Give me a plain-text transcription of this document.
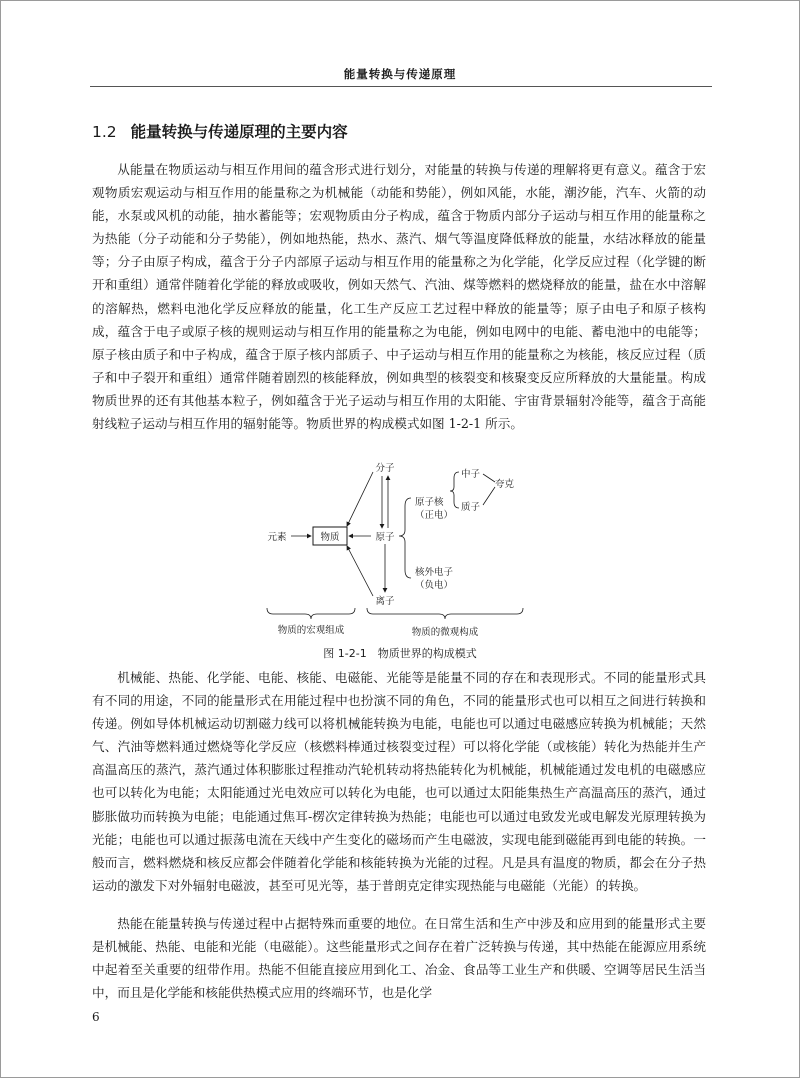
能量转换与传递原理
1.2 能量转换与传递原理的主要内容

从能量在物质运动与相互作用间的蕴含形式进行划分，对能量的转换与传递的理解将更有意义。蕴含于宏观物质宏观运动与相互作用的能量称之为机械能（动能和势能），例如风能，水能，潮汐能，汽车、火箭的动能，水泵或风机的动能，抽水蓄能等；宏观物质由分子构成，蕴含于物质内部分子运动与相互作用的能量称之为热能（分子动能和分子势能），例如地热能，热水、蒸汽、烟气等温度降低释放的能量，水结冰释放的能量等；分子由原子构成，蕴含于分子内部原子运动与相互作用的能量称之为化学能，化学反应过程（化学键的断开和重组）通常伴随着化学能的释放或吸收，例如天然气、汽油、煤等燃料的燃烧释放的能量，盐在水中溶解的溶解热，燃料电池化学反应释放的能量，化工生产反应工艺过程中释放的能量等；原子由电子和原子核构成，蕴含于电子或原子核的规则运动与相互作用的能量称之为电能，例如电网中的电能、蓄电池中的电能等；原子核由质子和中子构成，蕴含于原子核内部质子、中子运动与相互作用的能量称之为核能，核反应过程（质子和中子裂开和重组）通常伴随着剧烈的核能释放，例如典型的核裂变和核聚变反应所释放的大量能量。构成物质世界的还有其他基本粒子，例如蕴含于光子运动与相互作用的太阳能、宇宙背景辐射冷能等，蕴含于高能射线粒子运动与相互作用的辐射能等。物质世界的构成模式如图 1-2-1 所示。

物质
元素
分子
原子
离子
原子核
（正电）
中子
质子
夸克
核外电子
（负电）
物质的宏观组成	物质的微观构成
图 1-2-1　物质世界的构成模式

机械能、热能、化学能、电能、核能、电磁能、光能等是能量不同的存在和表现形式。不同的能量形式具有不同的用途，不同的能量形式在用能过程中也扮演不同的角色，不同的能量形式也可以相互之间进行转换和传递。例如导体机械运动切割磁力线可以将机械能转换为电能，电能也可以通过电磁感应转换为机械能；天然气、汽油等燃料通过燃烧等化学反应（核燃料棒通过核裂变过程）可以将化学能（或核能）转化为热能并生产高温高压的蒸汽，蒸汽通过体积膨胀过程推动汽轮机转动将热能转化为机械能，机械能通过发电机的电磁感应也可以转化为电能；太阳能通过光电效应可以转化为电能，也可以通过太阳能集热生产高温高压的蒸汽，通过膨胀做功而转换为电能；电能通过焦耳-楞次定律转换为热能；电能也可以通过电致发光或电解发光原理转换为光能；电能也可以通过振荡电流在天线中产生变化的磁场而产生电磁波，实现电能到磁能再到电能的转换。一般而言，燃料燃烧和核反应都会伴随着化学能和核能转换为光能的过程。凡是具有温度的物质，都会在分子热运动的激发下对外辐射电磁波，甚至可见光等，基于普朗克定律实现热能与电磁能（光能）的转换。

热能在能量转换与传递过程中占据特殊而重要的地位。在日常生活和生产中涉及和应用到的能量形式主要是机械能、热能、电能和光能（电磁能）。这些能量形式之间存在着广泛转换与传递，其中热能在能源应用系统中起着至关重要的纽带作用。热能不但能直接应用到化工、冶金、食品等工业生产和供暖、空调等居民生活当中，而且是化学能和核能供热模式应用的终端环节，也是化学

6
